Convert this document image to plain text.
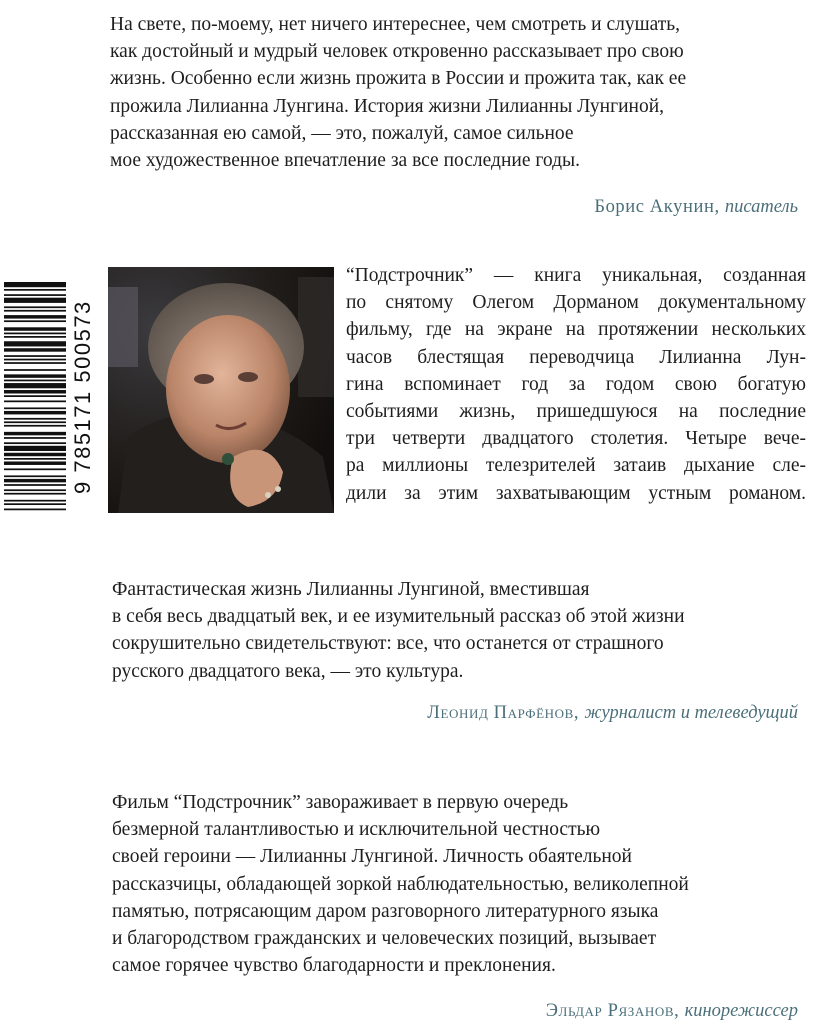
9 785171 500573
На свете, по-моему, нет ничего интереснее, чем смотреть и слушать,
как достойный и мудрый человек откровенно рассказывает про свою
жизнь. Особенно если жизнь прожита в России и прожита так, как ее
прожила Лилианна Лунгина. История жизни Лилианны Лунгиной,
рассказанная ею самой, — это, пожалуй, самое сильное
мое художественное впечатление за все последние годы.
Борис Акунин, писатель
“Подстрочник” — книга уникальная, созданная
по снятому Олегом Дорманом документальному
фильму, где на экране на протяжении нескольких
часов блестящая переводчица Лилианна Лун-
гина вспоминает год за годом свою богатую
событиями жизнь, пришедшуюся на последние
три четверти двадцатого столетия. Четыре вече-
ра миллионы телезрителей затаив дыхание сле-
дили за этим захватывающим устным романом.
Фантастическая жизнь Лилианны Лунгиной, вместившая
в себя весь двадцатый век, и ее изумительный рассказ об этой жизни
сокрушительно свидетельствуют: все, что останется от страшного
русского двадцатого века, — это культура.
Леонид Парфёнов, журналист и телеведущий
Фильм “Подстрочник” завораживает в первую очередь
безмерной талантливостью и исключительной честностью
своей героини — Лилианны Лунгиной. Личность обаятельной
рассказчицы, обладающей зоркой наблюдательностью, великолепной
памятью, потрясающим даром разговорного литературного языка
и благородством гражданских и человеческих позиций, вызывает
самое горячее чувство благодарности и преклонения.
Эльдар Рязанов, кинорежиссер
